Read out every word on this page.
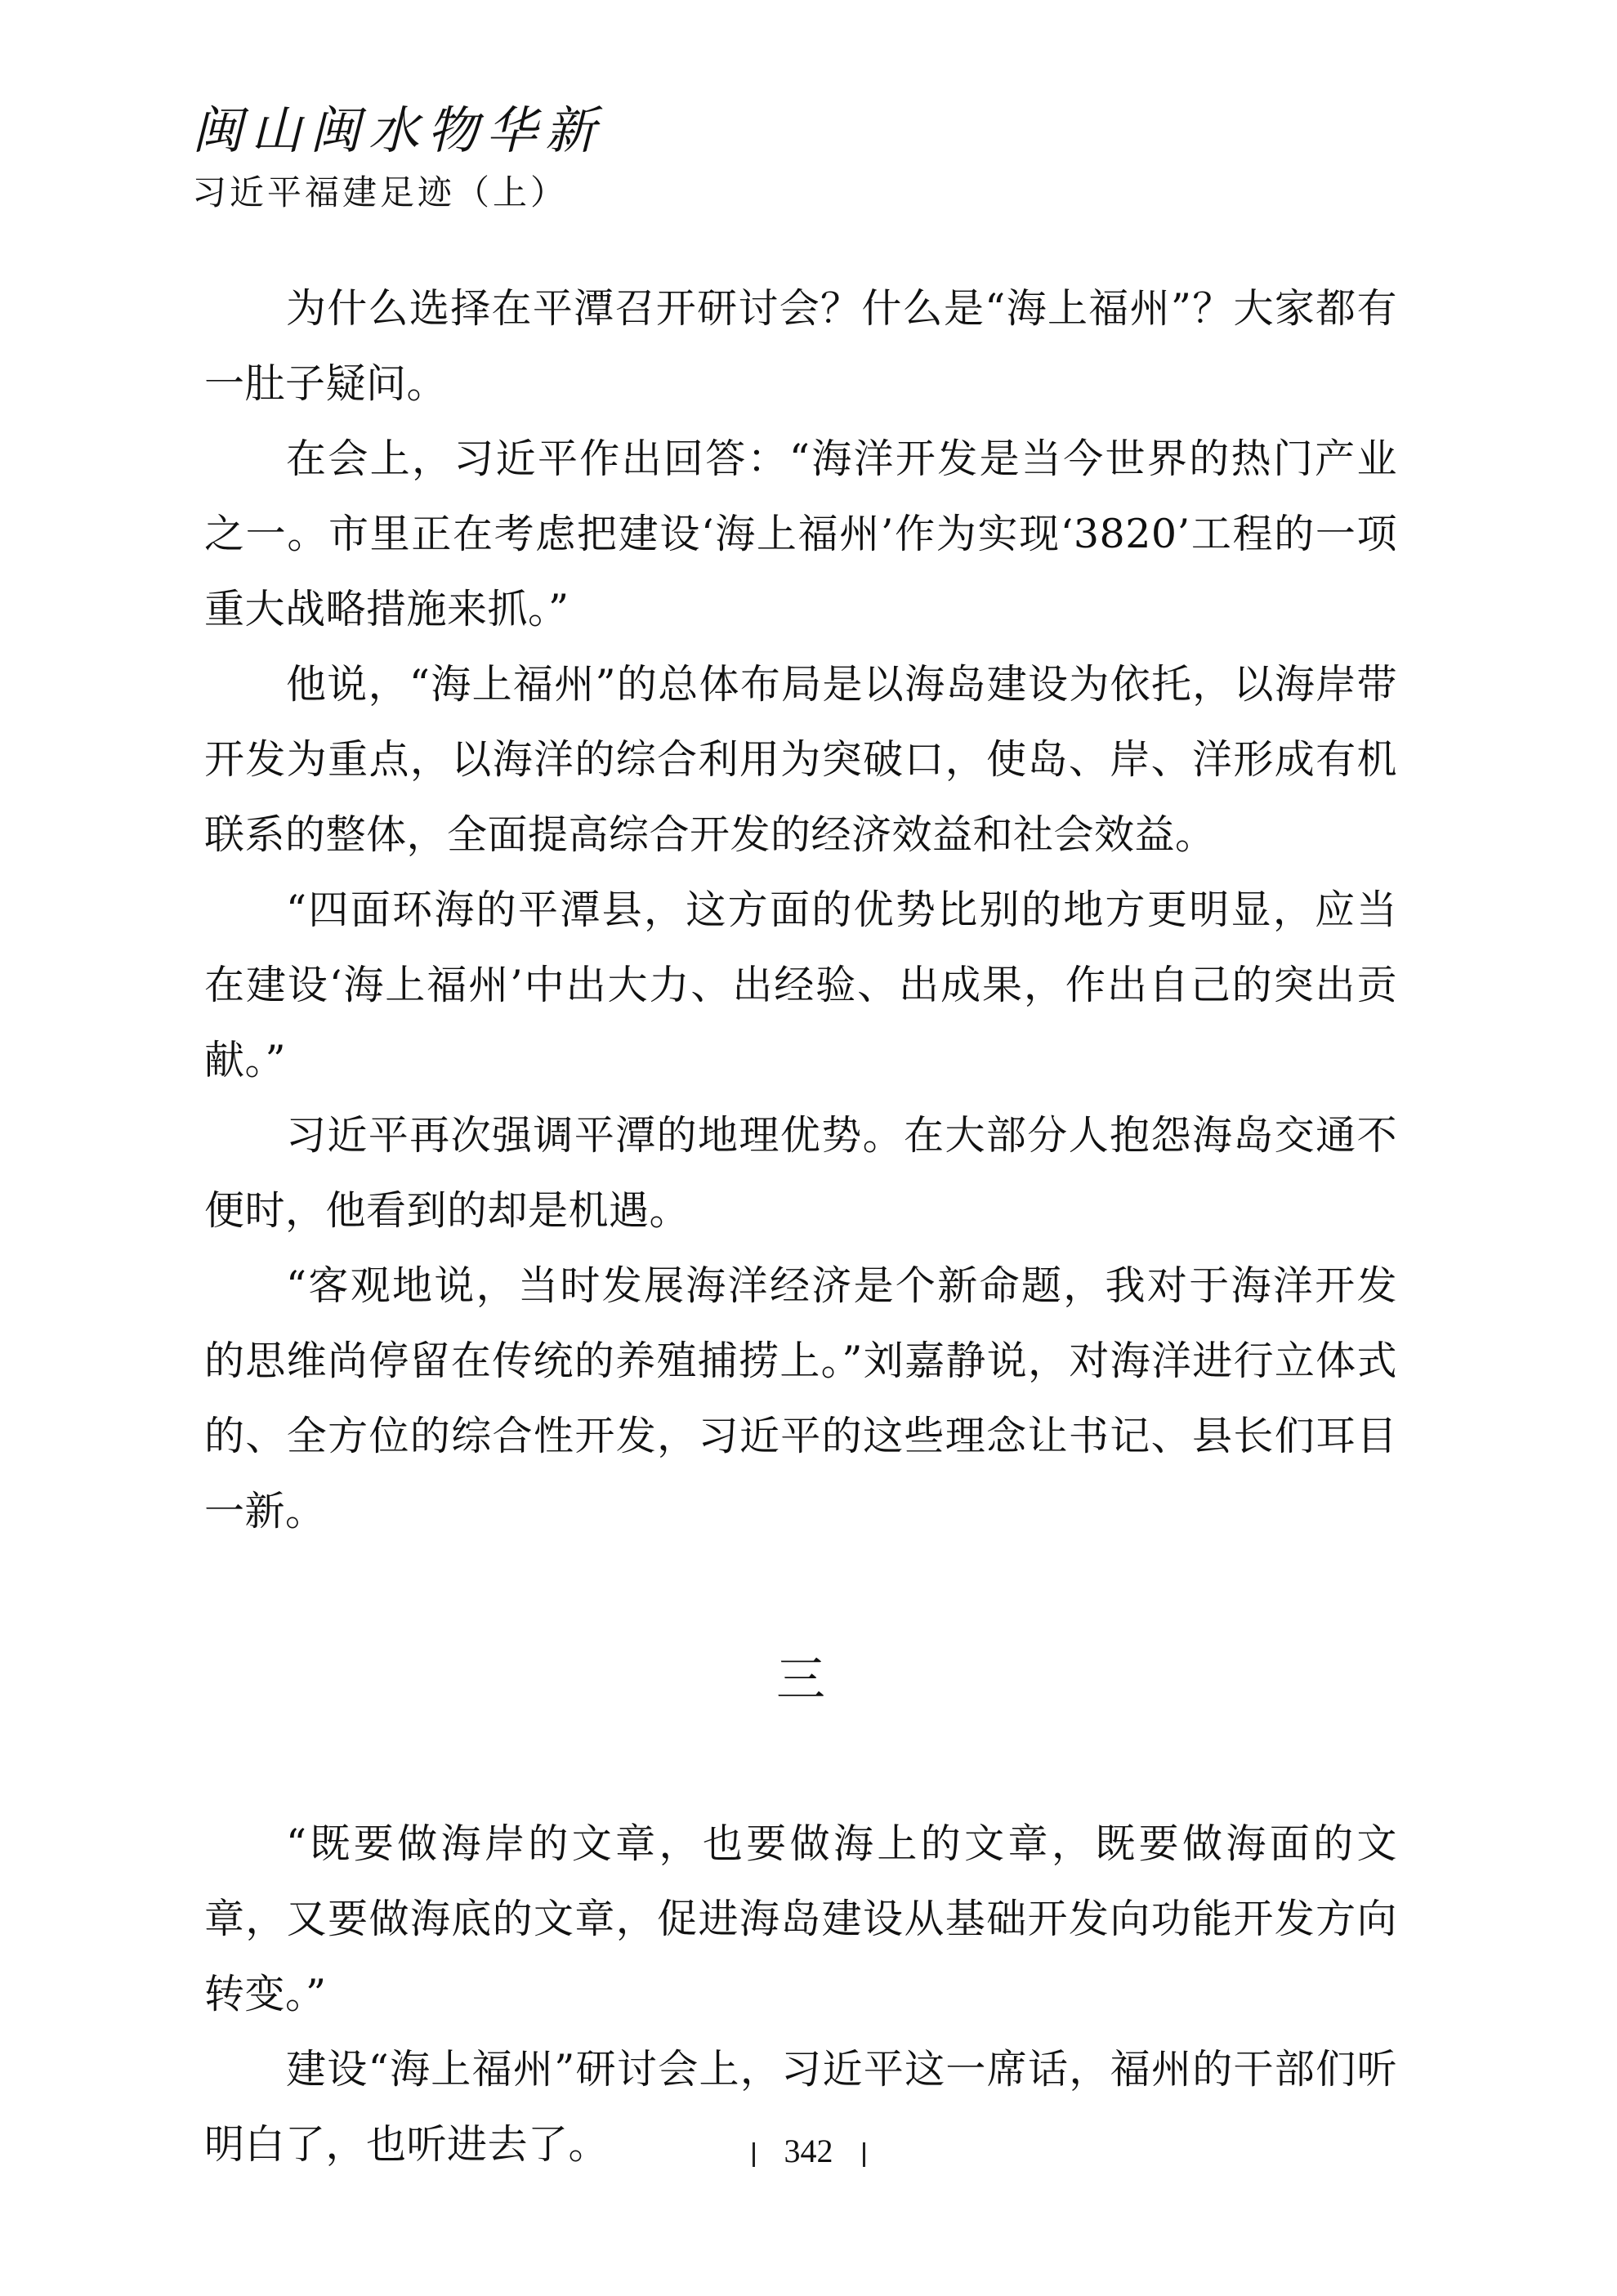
闽山闽水物华新
习近平福建足迹（上）

为什么选择在平潭召开研讨会？什么是“海上福州”？大家都有一肚子疑问。

在会上，习近平作出回答：“海洋开发是当今世界的热门产业之一。市里正在考虑把建设‘海上福州’作为实现‘3820’工程的一项重大战略措施来抓。”

他说，“海上福州”的总体布局是以海岛建设为依托，以海岸带开发为重点，以海洋的综合利用为突破口，使岛、岸、洋形成有机联系的整体，全面提高综合开发的经济效益和社会效益。

“四面环海的平潭县，这方面的优势比别的地方更明显，应当在建设‘海上福州’中出大力、出经验、出成果，作出自己的突出贡献。”

习近平再次强调平潭的地理优势。在大部分人抱怨海岛交通不便时，他看到的却是机遇。

“客观地说，当时发展海洋经济是个新命题，我对于海洋开发的思维尚停留在传统的养殖捕捞上。”刘嘉静说，对海洋进行立体式的、全方位的综合性开发，习近平的这些理念让书记、县长们耳目一新。

三

“既要做海岸的文章，也要做海上的文章，既要做海面的文章，又要做海底的文章，促进海岛建设从基础开发向功能开发方向转变。”

建设“海上福州”研讨会上，习近平这一席话，福州的干部们听明白了，也听进去了。	342
